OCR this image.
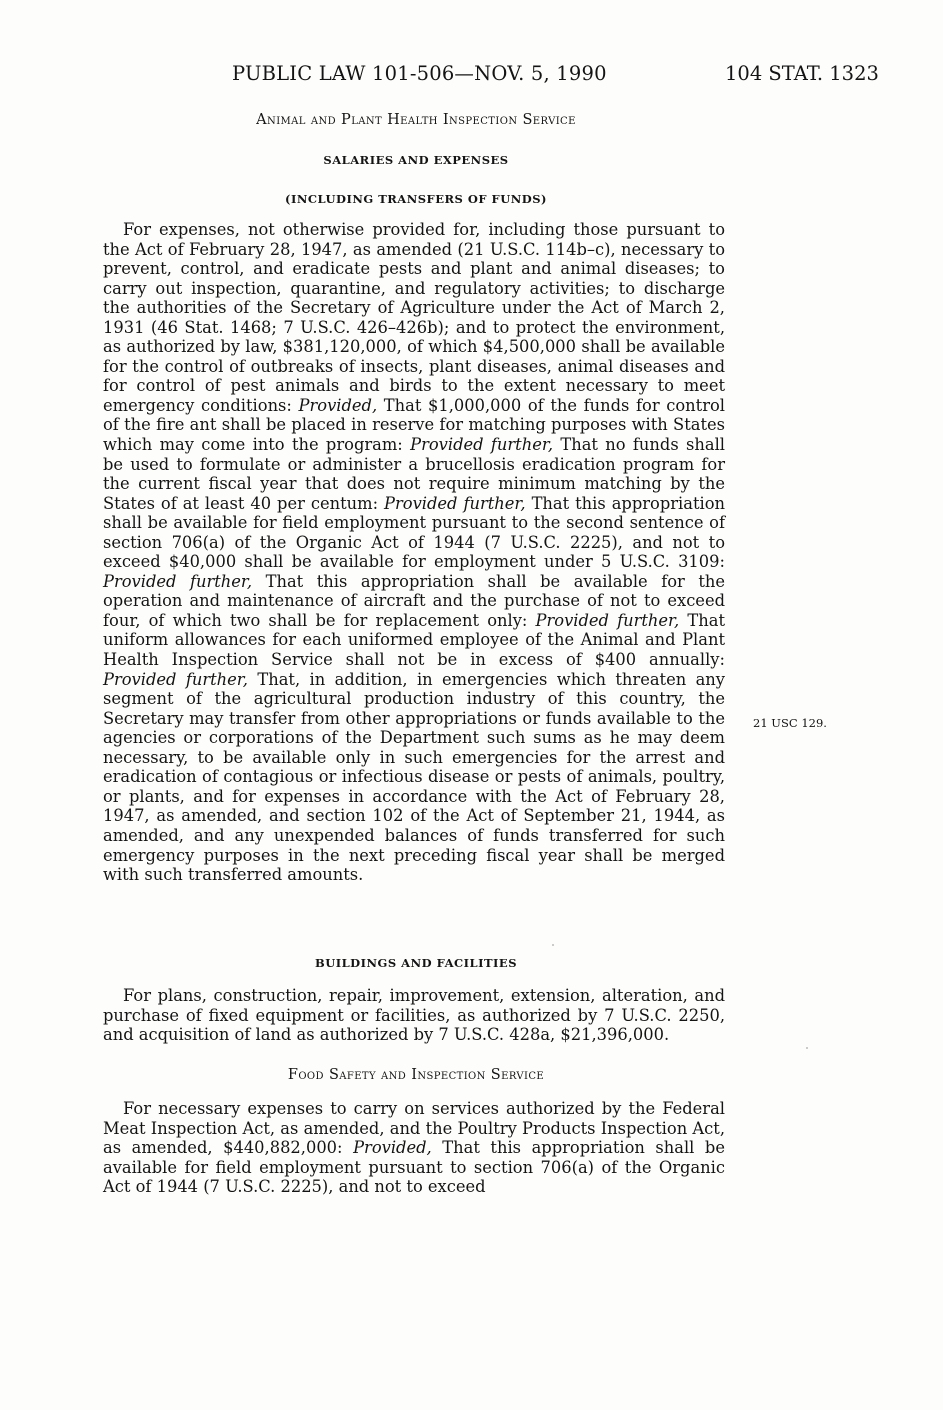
PUBLIC LAW 101-506—NOV. 5, 1990	104 STAT. 1323
Animal and Plant Health Inspection Service
SALARIES AND EXPENSES
(INCLUDING TRANSFERS OF FUNDS)

For expenses, not otherwise provided for, including those pursuant to the Act of February 28, 1947, as amended (21 U.S.C. 114b–c), necessary to prevent, control, and eradicate pests and plant and animal diseases; to carry out inspection, quarantine, and regulatory activities; to discharge the authorities of the Secretary of Agriculture under the Act of March 2, 1931 (46 Stat. 1468; 7 U.S.C. 426–426b); and to protect the environment, as authorized by law, $381,120,000, of which $4,500,000 shall be available for the control of outbreaks of insects, plant diseases, animal diseases and for control of pest animals and birds to the extent necessary to meet emergency conditions: Provided, That $1,000,000 of the funds for control of the fire ant shall be placed in reserve for matching purposes with States which may come into the program: Provided further, That no funds shall be used to formulate or administer a brucellosis eradication program for the current fiscal year that does not require minimum matching by the States of at least 40 per centum: Provided further, That this appropriation shall be available for field employment pursuant to the second sentence of section 706(a) of the Organic Act of 1944 (7 U.S.C. 2225), and not to exceed $40,000 shall be available for employment under 5 U.S.C. 3109: Provided further, That this appropriation shall be available for the operation and maintenance of aircraft and the purchase of not to exceed four, of which two shall be for replacement only: Provided further, That uniform allowances for each uniformed employee of the Animal and Plant Health Inspection Service shall not be in excess of $400 annually: Provided further, That, in addition, in emergencies which threaten any segment of the agricultural production industry of this country, the Secretary may transfer from other appropriations or funds available to the agencies or corporations of the Department such sums as he may deem necessary, to be available only in such emergencies for the arrest and eradication of contagious or infectious disease or pests of animals, poultry, or plants, and for expenses in accordance with the Act of February 28, 1947, as amended, and section 102 of the Act of September 21, 1944, as amended, and any unexpended balances of funds transferred for such emergency purposes in the next preceding fiscal year shall be merged with such transferred amounts.

21 USC 129.
BUILDINGS AND FACILITIES

For plans, construction, repair, improvement, extension, alteration, and purchase of fixed equipment or facilities, as authorized by 7 U.S.C. 2250, and acquisition of land as authorized by 7 U.S.C. 428a, $21,396,000.

Food Safety and Inspection Service

For necessary expenses to carry on services authorized by the Federal Meat Inspection Act, as amended, and the Poultry Products Inspection Act, as amended, $440,882,000: Provided, That this appropriation shall be available for field employment pursuant to section 706(a) of the Organic Act of 1944 (7 U.S.C. 2225), and not to exceed
